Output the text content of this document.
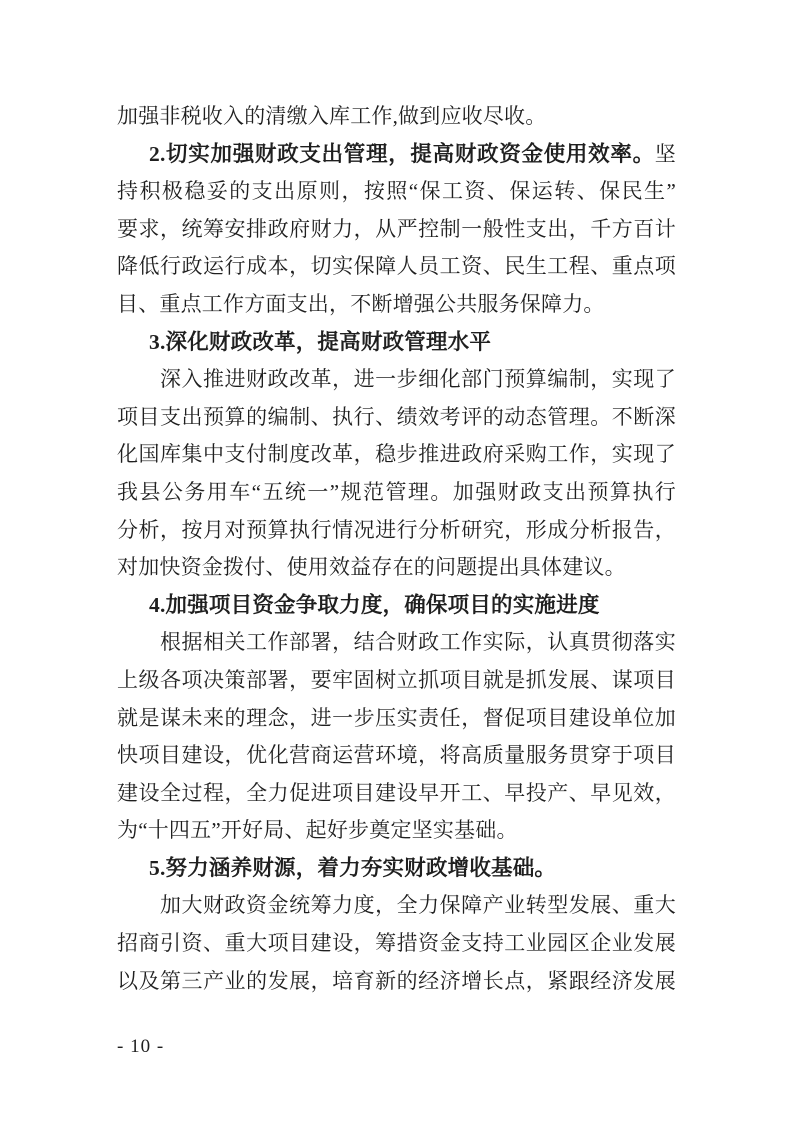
加强非税收入的清缴入库工作,做到应收尽收。
2.切实加强财政支出管理，提高财政资金使用效率。坚
持积极稳妥的支出原则，按照“保工资、保运转、保民生”
要求，统筹安排政府财力，从严控制一般性支出，千方百计
降低行政运行成本，切实保障人员工资、民生工程、重点项
目、重点工作方面支出，不断增强公共服务保障力。
3.深化财政改革，提高财政管理水平
深入推进财政改革，进一步细化部门预算编制，实现了
项目支出预算的编制、执行、绩效考评的动态管理。不断深
化国库集中支付制度改革，稳步推进政府采购工作，实现了
我县公务用车“五统一”规范管理。加强财政支出预算执行
分析，按月对预算执行情况进行分析研究，形成分析报告，
对加快资金拨付、使用效益存在的问题提出具体建议。
4.加强项目资金争取力度，确保项目的实施进度
根据相关工作部署，结合财政工作实际，认真贯彻落实
上级各项决策部署，要牢固树立抓项目就是抓发展、谋项目
就是谋未来的理念，进一步压实责任，督促项目建设单位加
快项目建设，优化营商运营环境，将高质量服务贯穿于项目
建设全过程，全力促进项目建设早开工、早投产、早见效，
为“十四五”开好局、起好步奠定坚实基础。
5.努力涵养财源，着力夯实财政增收基础。
加大财政资金统筹力度，全力保障产业转型发展、重大
招商引资、重大项目建设，筹措资金支持工业园区企业发展
以及第三产业的发展，培育新的经济增长点，紧跟经济发展
- 10 -
